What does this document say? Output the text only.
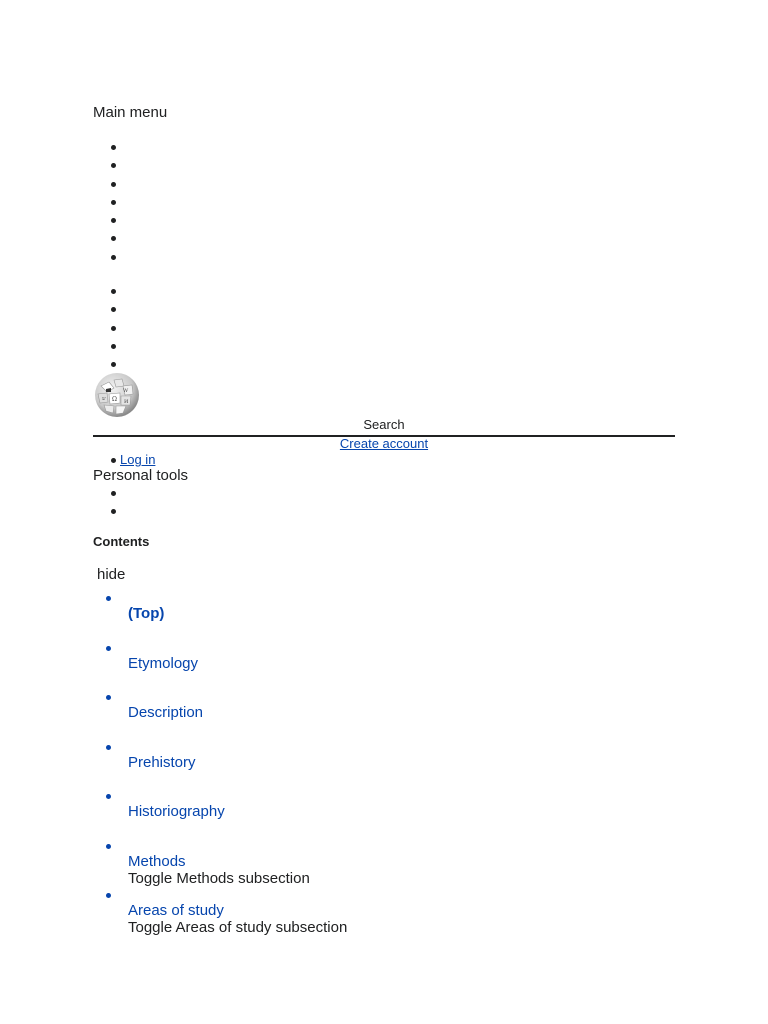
Main menu
Ω
W
И
ש
Search
Create account
Log in
Personal tools
Contents
hide
(Top)
Etymology
Description
Prehistory
Historiography
Methods
Toggle Methods subsection
Areas of study
Toggle Areas of study subsection
